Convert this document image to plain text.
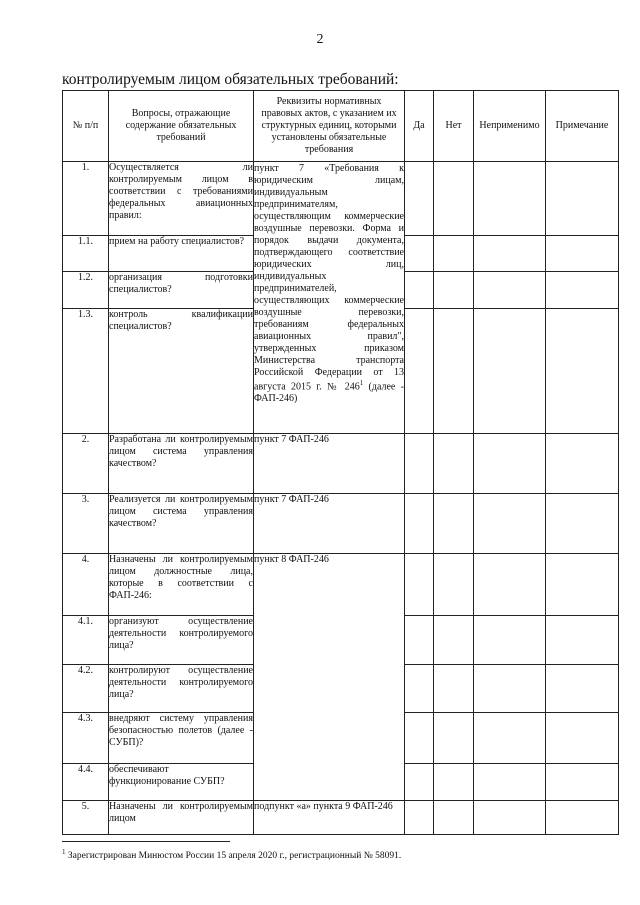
2
контролируемым лицом обязательных требований:
№ п/п	Вопросы, отражающие содержание обязательных требований	Реквизиты нормативных правовых актов, с указанием их структурных единиц, которыми установлены обязательные требования	Да	Нет	Неприменимо	Примечание

1.	Осуществляется ли контролируемым лицом в соответствии с требованиями федеральных авиационных правил:	пункт 7 «Требования к юридическим лицам, индивидуальным предпринимателям, осуществляющим коммерческие воздушные перевозки. Форма и порядок выдачи документа, подтверждающего соответствие юридических лиц, индивидуальных предпринимателей, осуществляющих коммерческие воздушные перевозки, требованиям федеральных авиационных правил", утвержденных приказом Министерства транспорта Российской Федерации от 13 августа 2015 г. № $246^1$ (далее - ФАП-246)				
1.1.	прием на работу специалистов?					
1.2.	организация подготовки специалистов?					
1.3.	контроль квалификации специалистов?					
2.	Разработана ли контролируемым лицом система управления качеством?	пункт 7 ФАП-246				
3.	Реализуется ли контролируемым лицом система управления качеством?	пункт 7 ФАП-246				
4.	Назначены ли контролируемым лицом должностные лица, которые в соответствии с ФАП-246:	пункт 8 ФАП-246				
4.1.	организуют осуществление деятельности контролируемого лица?					
4.2.	контролируют осуществление деятельности контролируемого лица?					
4.3.	внедряют систему управления безопасностью полетов (далее - СУБП)?					
4.4.	обеспечивают функционирование СУБП?					
5.	Назначены ли контролируемым лицом	подпункт «а» пункта 9 ФАП-246				
$^1$ Зарегистрирован Минюстом России 15 апреля 2020 г., регистрационный № 58091.
